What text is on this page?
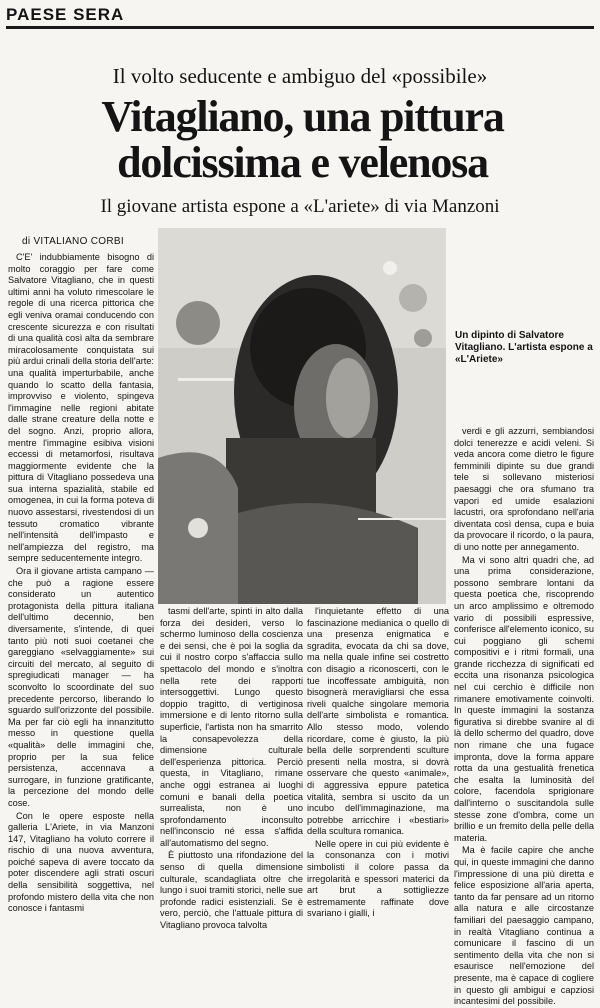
PAESE SERA
Il volto seducente e ambiguo del «possibile»
Vitagliano, una pittura
dolcissima e velenosa
Il giovane artista espone a «L'ariete» di via Manzoni
di VITALIANO CORBI

C'E' indubbiamente bisogno di molto coraggio per fare come Salvatore Vitagliano, che in questi ultimi anni ha voluto rimescolare le regole di una ricerca pittorica che egli veniva oramai conducendo con crescente sicurezza e con risultati di una qualità così alta da sembrare miracolosamente conquistata sui più ardui crinali della storia dell'arte: una qualità imperturbabile, anche quando lo scatto della fantasia, improvviso e violento, spingeva l'immagine nelle regioni abitate dalle strane creature della notte e del sogno. Anzi, proprio allora, mentre l'immagine esibiva visioni eccessi di metamorfosi, risultava maggiormente evidente che la pittura di Vitagliano possedeva una sua interna spazialità, stabile ed omogenea, in cui la forma poteva di nuovo assestarsi, rivestendosi di un tessuto cromatico vibrante nell'intensità dell'impasto e nell'ampiezza del registro, ma sempre seducentemente integro.

Ora il giovane artista campano — che può a ragione essere considerato un autentico protagonista della pittura italiana dell'ultimo decennio, ben diversamente, s'intende, di quei tanto più noti suoi coetanei che gareggiano «selvaggiamente» sui circuiti del mercato, al seguito di spregiudicati manager — ha sconvolto lo scoordinate del suo precedente percorso, liberando lo sguardo sull'orizzonte del possibile. Ma per far ciò egli ha innanzitutto messo in questione quella «qualità» delle immagini che, proprio per la sua felice persistenza, accennava a surrogare, in funzione gratificante, la percezione del mondo delle cose.

Con le opere esposte nella galleria L'Ariete, in via Manzoni 147, Vitagliano ha voluto correre il rischio di una nuova avventura, poiché sapeva di avere toccato da poter discendere agli strati oscuri della sensibilità soggettiva, nel profondo mistero della vita che non conosce i fantasmi

Un dipinto di Salvatore Vitagliano. L'artista espone a «L'Ariete»

tasmi dell'arte, spinti in alto dalla forza dei desideri, verso lo schermo luminoso della coscienza e dei sensi, che è poi la soglia da cui il nostro corpo s'affaccia sullo spettacolo del mondo e s'inoltra nella rete dei rapporti intersoggettivi. Lungo questo doppio tragitto, di vertiginosa immersione e di lento ritorno sulla superficie, l'artista non ha smarrito la consapevolezza della dimensione culturale dell'esperienza pittorica. Perciò questa, in Vitagliano, rimane anche oggi estranea ai luoghi comuni e banali della poetica surrealista, non è uno sprofondamento inconsulto nell'inconscio né essa s'affida all'automatismo del segno.

È piuttosto una rifondazione del senso di quella dimensione culturale, scandagliata oltre che lungo i suoi tramiti storici, nelle sue profonde radici esistenziali. Se è vero, perciò, che l'attuale pittura di Vitagliano provoca talvolta

l'inquietante effetto di una fascinazione medianica o quello di una presenza enigmatica e sgradita, evocata da chi sa dove, ma nella quale infine sei costretto con disagio a riconoscerti, con le tue incoffessate ambiguità, non bisognerà meravigliarsi che essa riveli qualche singolare memoria dell'arte simbolista e romantica. Allo stesso modo, volendo ricordare, come è giusto, la più bella delle sorprendenti sculture presenti nella mostra, si dovrà osservare che questo «animale», di aggressiva eppure patetica vitalità, sembra si uscito da un incubo dell'immaginazione, ma potrebbe arricchire i «bestiari» della scultura romanica.

Nelle opere in cui più evidente è la consonanza con i motivi simbolisti il colore passa da irregolarità e spessori materici da art brut a sottigliezze estremamente raffinate dove svariano i gialli, i

verdi e gli azzurri, sembiandosi dolci tenerezze e acidi veleni. Si veda ancora come dietro le figure femminili dipinte su due grandi tele si sollevano misteriosi paesaggi che ora sfumano tra vapori ed umide esalazioni lacustri, ora sprofondano nell'aria diventata così densa, cupa e buia da provocare il ricordo, o la paura, di uno notte per annegamento.

Ma vi sono altri quadri che, ad una prima considerazione, possono sembrare lontani da questa poetica che, riscoprendo un arco amplissimo e oltremodo vario di possibili espressive, conferisce all'elemento iconico, su cui poggiano gli schemi compositivi e i ritmi formali, una grande ricchezza di significati ed eccita una risonanza psicologica nel cui cerchio è difficile non rimanere emotivamente coinvolti. In queste immagini la sostanza figurativa si direbbe svanire al di là dello schermo del quadro, dove non rimane che una fugace impronta, dove la forma appare rotta da una gestualità frenetica che esalta la luminosità del colore, facendola sprigionare dall'interno o suscitandola sulle stesse zone d'ombra, come un brillio e un fremito della pelle della materia.

Ma è facile capire che anche qui, in queste immagini che danno l'impressione di una più diretta e felice esposizione all'aria aperta, tanto da far pensare ad un ritorno alla natura e alle circostanze familiari del paesaggio campano, in realtà Vitagliano continua a comunicare il fascino di un sentimento della vita che non si esaurisce nell'emozione del presente, ma è capace di cogliere in questo gli ambigui e capziosi incantesimi del possibile.
